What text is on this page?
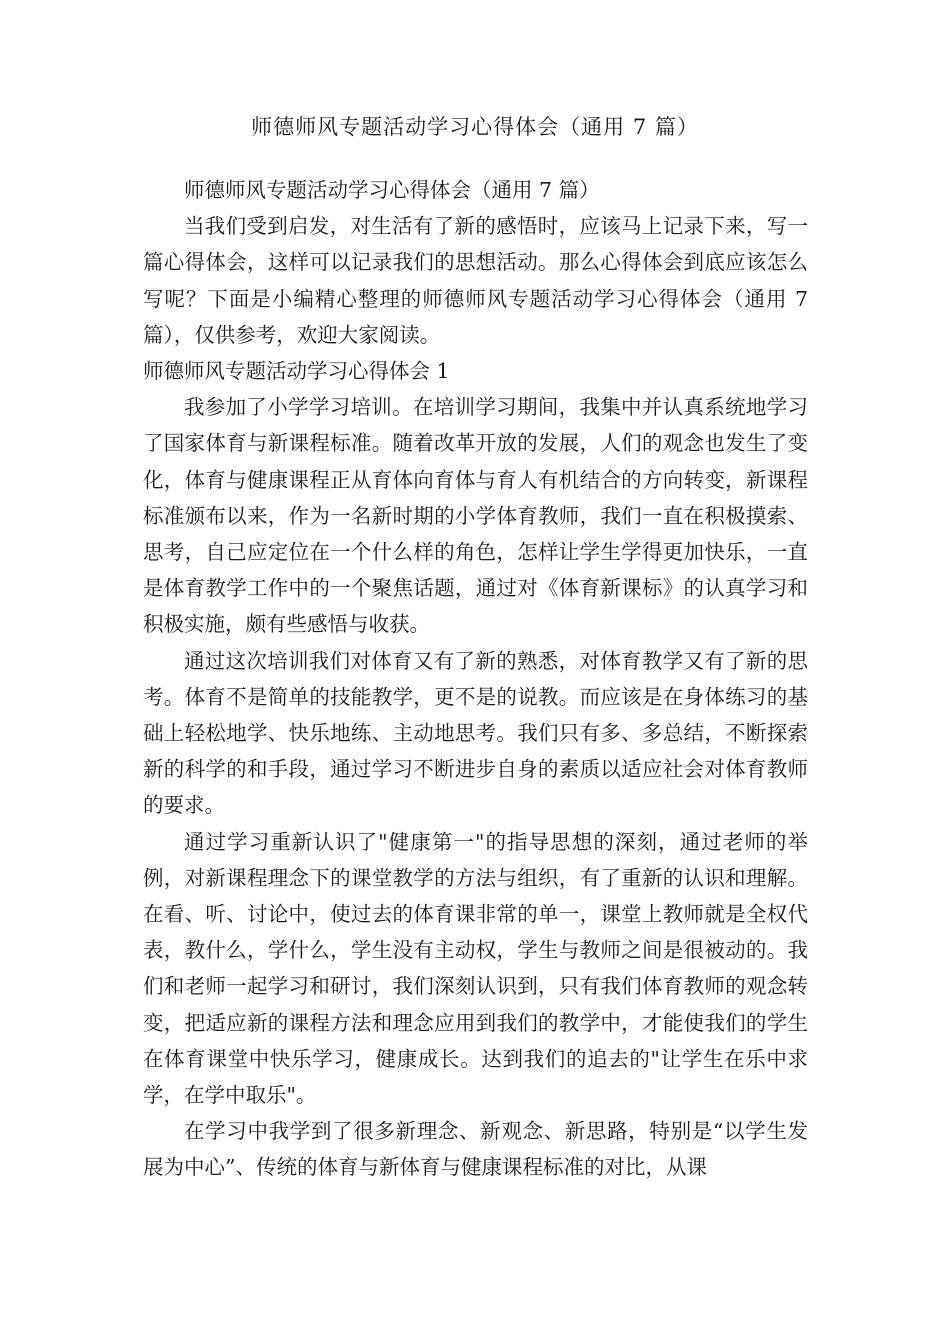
师德师风专题活动学习心得体会（通用 7 篇）

师德师风专题活动学习心得体会（通用 7 篇）

当我们受到启发，对生活有了新的感悟时，应该马上记录下来，写一篇心得体会，这样可以记录我们的思想活动。那么心得体会到底应该怎么写呢？下面是小编精心整理的师德师风专题活动学习心得体会（通用 7 篇），仅供参考，欢迎大家阅读。

师德师风专题活动学习心得体会 1

我参加了小学学习培训。在培训学习期间，我集中并认真系统地学习了国家体育与新课程标准。随着改革开放的发展，人们的观念也发生了变化，体育与健康课程正从育体向育体与育人有机结合的方向转变，新课程标准颁布以来，作为一名新时期的小学体育教师，我们一直在积极摸索、思考，自己应定位在一个什么样的角色，怎样让学生学得更加快乐，一直是体育教学工作中的一个聚焦话题，通过对《体育新课标》的认真学习和积极实施，颇有些感悟与收获。

通过这次培训我们对体育又有了新的熟悉，对体育教学又有了新的思考。体育不是简单的技能教学，更不是的说教。而应该是在身体练习的基础上轻松地学、快乐地练、主动地思考。我们只有多、多总结，不断探索新的科学的和手段，通过学习不断进步自身的素质以适应社会对体育教师的要求。

通过学习重新认识了"健康第一"的指导思想的深刻，通过老师的举例，对新课程理念下的课堂教学的方法与组织，有了重新的认识和理解。在看、听、讨论中，使过去的体育课非常的单一，课堂上教师就是全权代表，教什么，学什么，学生没有主动权，学生与教师之间是很被动的。我们和老师一起学习和研讨，我们深刻认识到，只有我们体育教师的观念转变，把适应新的课程方法和理念应用到我们的教学中，才能使我们的学生在体育课堂中快乐学习，健康成长。达到我们的追去的"让学生在乐中求学，在学中取乐"。

在学习中我学到了很多新理念、新观念、新思路，特别是“以学生发展为中心”、传统的体育与新体育与健康课程标准的对比，从课
